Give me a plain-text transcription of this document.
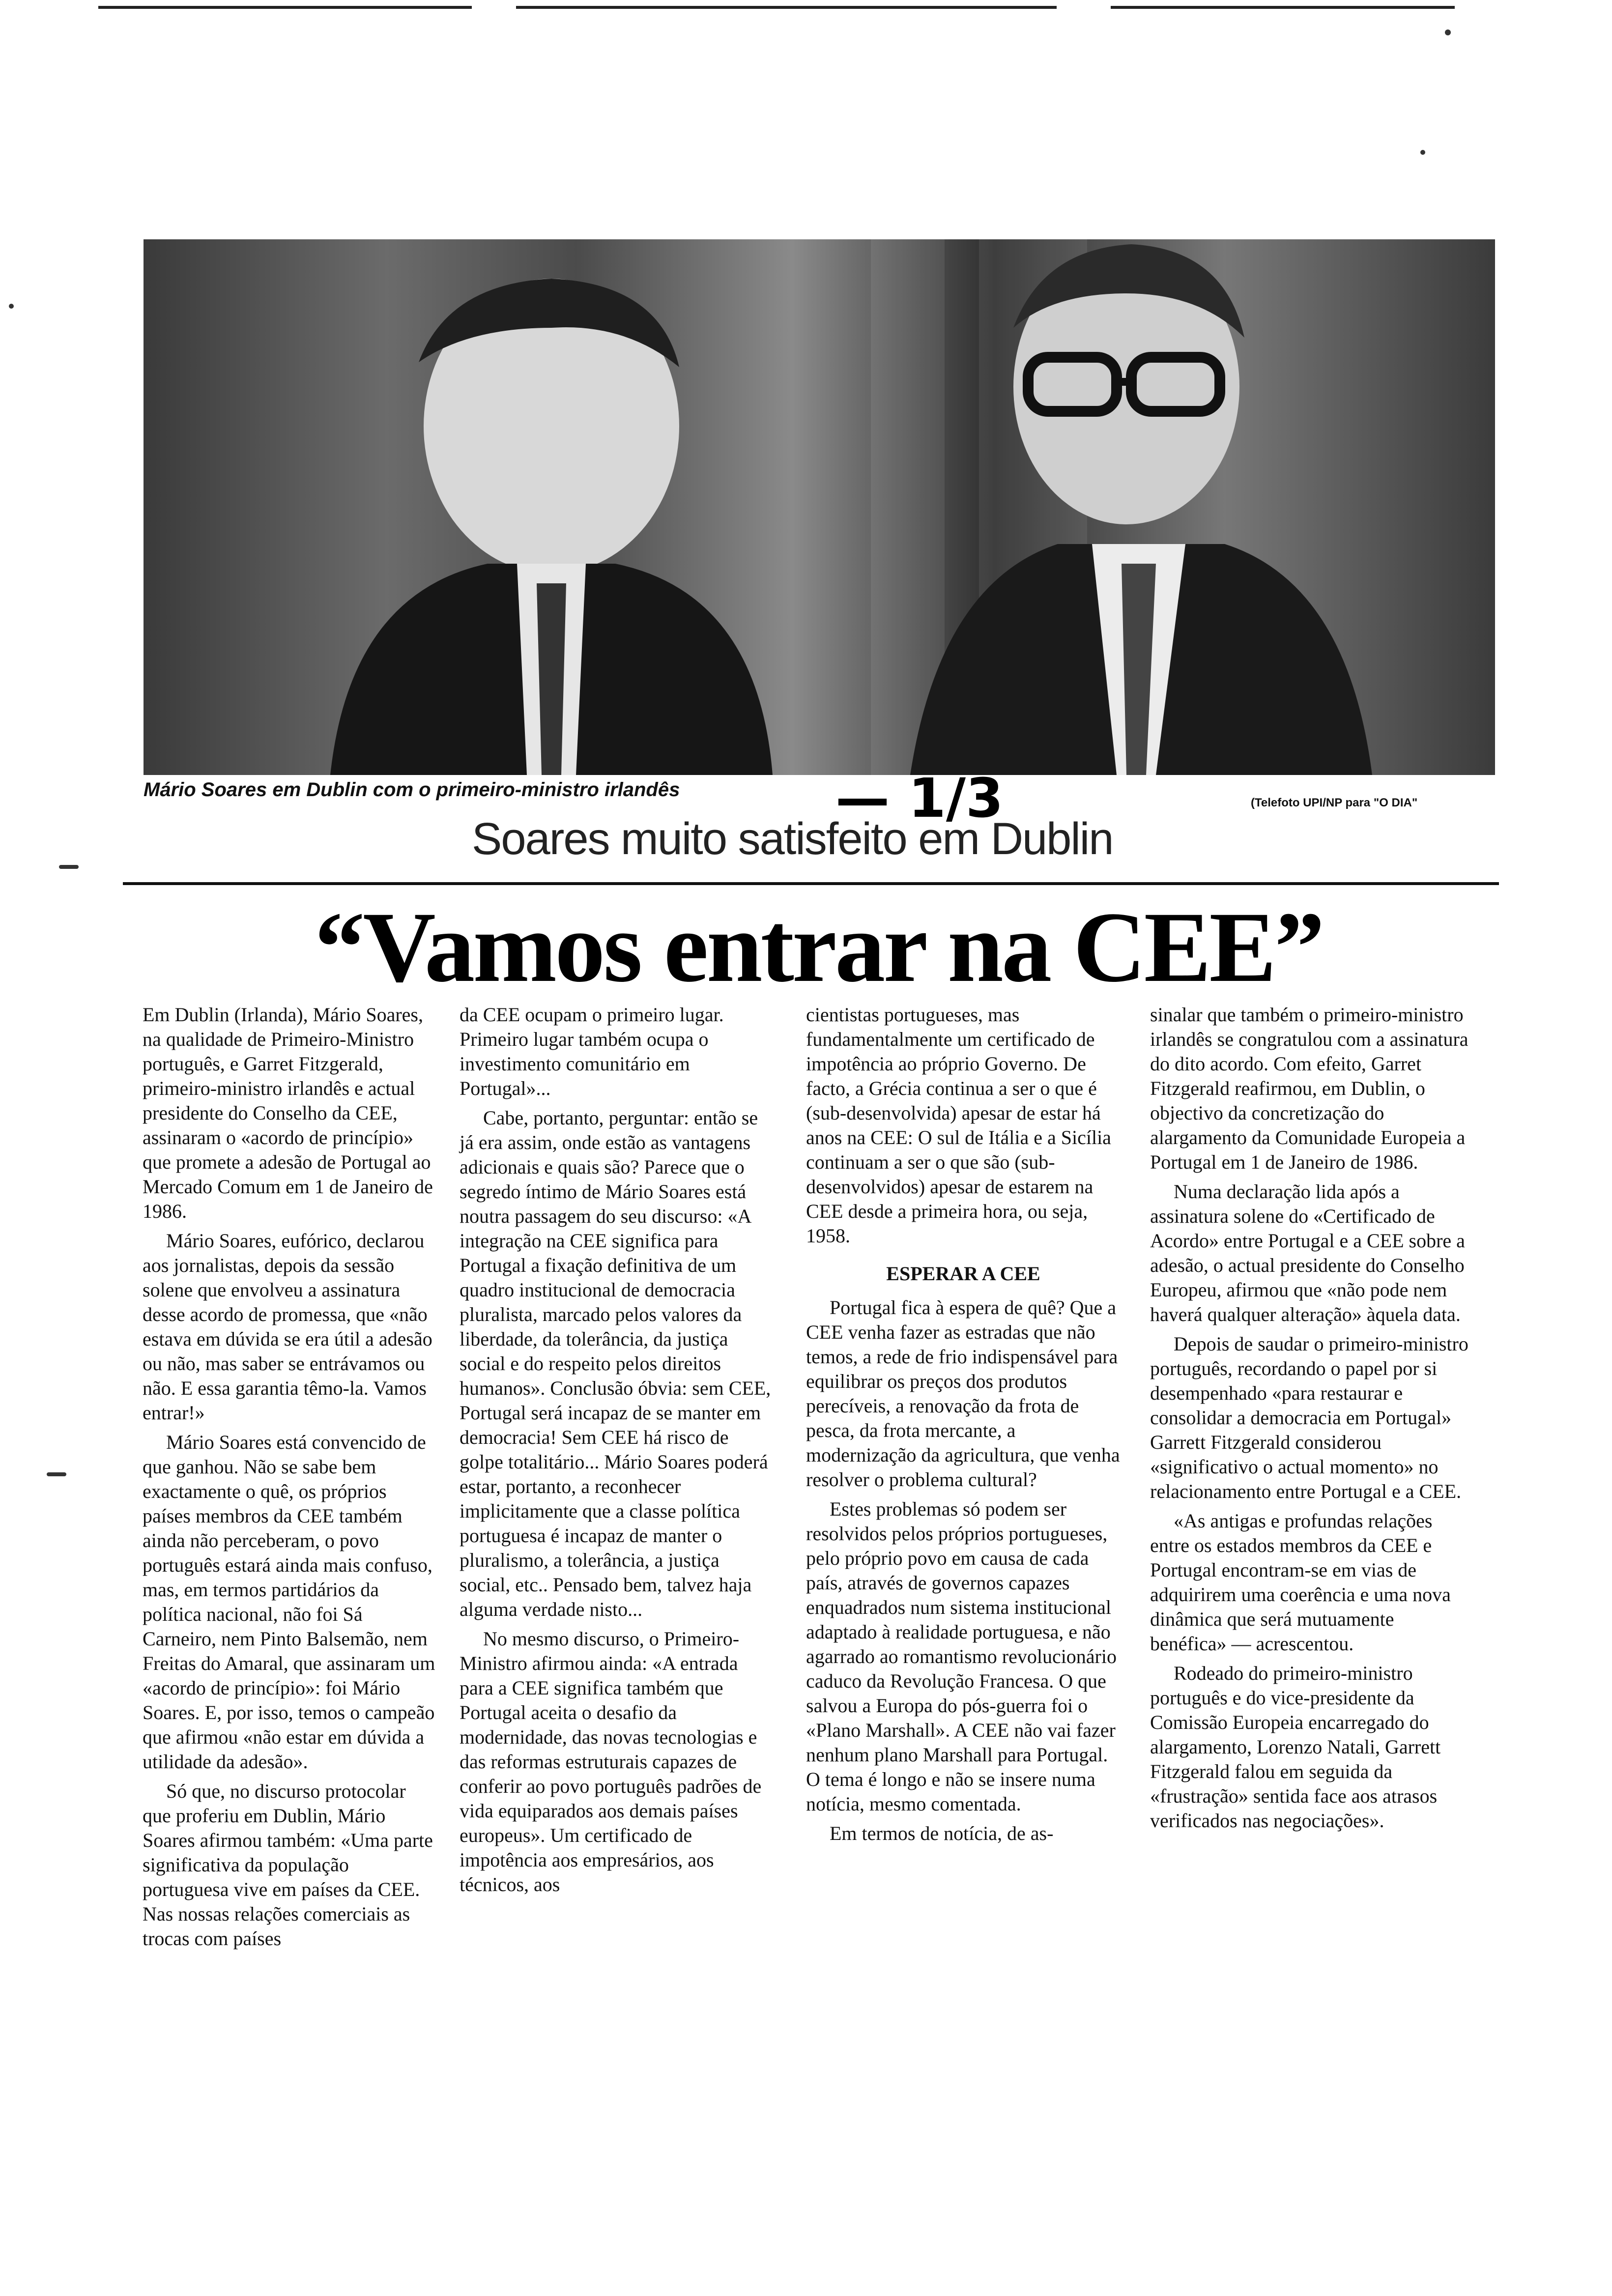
Mário Soares em Dublin com o primeiro-ministro irlandês
(Telefoto UPI/NP para "O DIA"
— 1/3
Soares muito satisfeito em Dublin
“Vamos entrar na CEE”

Em Dublin (Irlanda), Mário Soares, na qualidade de Primeiro-Ministro português, e Garret Fitzgerald, primeiro-ministro irlandês e actual presidente do Conselho da CEE, assinaram o «acordo de princípio» que promete a adesão de Portugal ao Mercado Comum em 1 de Janeiro de 1986.

Mário Soares, eufórico, declarou aos jornalistas, depois da sessão solene que envolveu a assinatura desse acordo de promessa, que «não estava em dúvida se era útil a adesão ou não, mas saber se entrávamos ou não. E essa garantia têmo-la. Vamos entrar!»

Mário Soares está convencido de que ganhou. Não se sabe bem exactamente o quê, os próprios países membros da CEE também ainda não perceberam, o povo português estará ainda mais confuso, mas, em termos partidários da política nacional, não foi Sá Carneiro, nem Pinto Balsemão, nem Freitas do Amaral, que assinaram um «acordo de princípio»: foi Mário Soares. E, por isso, temos o campeão que afirmou «não estar em dúvida a utilidade da adesão».

Só que, no discurso protocolar que proferiu em Dublin, Mário Soares afirmou também: «Uma parte significativa da população portuguesa vive em países da CEE. Nas nossas relações comerciais as trocas com países

da CEE ocupam o primeiro lugar. Primeiro lugar também ocupa o investimento comunitário em Portugal»...

Cabe, portanto, perguntar: então se já era assim, onde estão as vantagens adicionais e quais são? Parece que o segredo íntimo de Mário Soares está noutra passagem do seu discurso: «A integração na CEE significa para Portugal a fixação definitiva de um quadro institucional de democracia pluralista, marcado pelos valores da liberdade, da tolerância, da justiça social e do respeito pelos direitos humanos». Conclusão óbvia: sem CEE, Portugal será incapaz de se manter em democracia! Sem CEE há risco de golpe totalitário... Mário Soares poderá estar, portanto, a reconhecer implicitamente que a classe política portuguesa é incapaz de manter o pluralismo, a tolerância, a justiça social, etc.. Pensado bem, talvez haja alguma verdade nisto...

No mesmo discurso, o Primeiro-Ministro afirmou ainda: «A entrada para a CEE significa também que Portugal aceita o desafio da modernidade, das novas tecnologias e das reformas estruturais capazes de conferir ao povo português padrões de vida equiparados aos demais países europeus». Um certificado de impotência aos empresários, aos técnicos, aos

cientistas portugueses, mas fundamentalmente um certificado de impotência ao próprio Governo. De facto, a Grécia continua a ser o que é (sub-desenvolvida) apesar de estar há anos na CEE: O sul de Itália e a Sicília continuam a ser o que são (sub-desenvolvidos) apesar de estarem na CEE desde a primeira hora, ou seja, 1958.

ESPERAR A CEE

Portugal fica à espera de quê? Que a CEE venha fazer as estradas que não temos, a rede de frio indispensável para equilibrar os preços dos produtos perecíveis, a renovação da frota de pesca, da frota mercante, a modernização da agricultura, que venha resolver o problema cultural?

Estes problemas só podem ser resolvidos pelos próprios portugueses, pelo próprio povo em causa de cada país, através de governos capazes enquadrados num sistema institucional adaptado à realidade portuguesa, e não agarrado ao romantismo revolucionário caduco da Revolução Francesa. O que salvou a Europa do pós-guerra foi o «Plano Marshall». A CEE não vai fazer nenhum plano Marshall para Portugal. O tema é longo e não se insere numa notícia, mesmo comentada.

Em termos de notícia, de as-

sinalar que também o primeiro-ministro irlandês se congratulou com a assinatura do dito acordo. Com efeito, Garret Fitzgerald reafirmou, em Dublin, o objectivo da concretização do alargamento da Comunidade Europeia a Portugal em 1 de Janeiro de 1986.

Numa declaração lida após a assinatura solene do «Certificado de Acordo» entre Portugal e a CEE sobre a adesão, o actual presidente do Conselho Europeu, afirmou que «não pode nem haverá qualquer alteração» àquela data.

Depois de saudar o primeiro-ministro português, recordando o papel por si desempenhado «para restaurar e consolidar a democracia em Portugal» Garrett Fitzgerald considerou «significativo o actual momento» no relacionamento entre Portugal e a CEE.

«As antigas e profundas relações entre os estados membros da CEE e Portugal encontram-se em vias de adquirirem uma coerência e uma nova dinâmica que será mutuamente benéfica» — acrescentou.

Rodeado do primeiro-ministro português e do vice-presidente da Comissão Europeia encarregado do alargamento, Lorenzo Natali, Garrett Fitzgerald falou em seguida da «frustração» sentida face aos atrasos verificados nas negociações».
